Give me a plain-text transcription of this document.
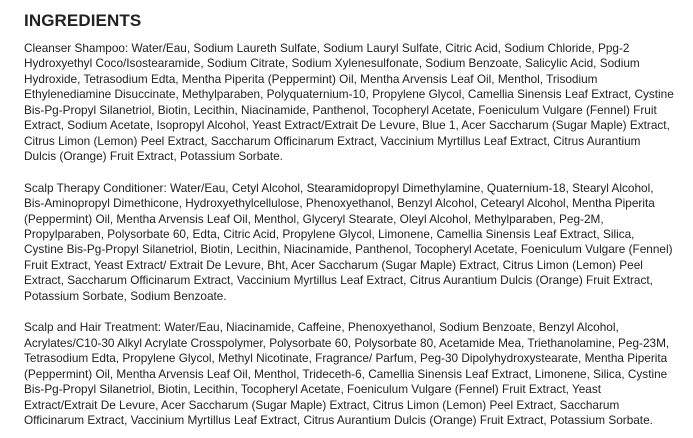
INGREDIENTS

Cleanser Shampoo: Water/Eau, Sodium Laureth Sulfate, Sodium Lauryl Sulfate, Citric Acid, Sodium Chloride, Ppg-2 Hydroxyethyl Coco/Isostearamide, Sodium Citrate, Sodium Xylenesulfonate, Sodium Benzoate, Salicylic Acid, Sodium Hydroxide, Tetrasodium Edta, Mentha Piperita (Peppermint) Oil, Mentha Arvensis Leaf Oil, Menthol, Trisodium Ethylenediamine Disuccinate, Methylparaben, Polyquaternium-10, Propylene Glycol, Camellia Sinensis Leaf Extract, Cystine Bis-Pg-Propyl Silanetriol, Biotin, Lecithin, Niacinamide, Panthenol, Tocopheryl Acetate, Foeniculum Vulgare (Fennel) Fruit Extract, Sodium Acetate, Isopropyl Alcohol, Yeast Extract/Extrait De Levure, Blue 1, Acer Saccharum (Sugar Maple) Extract, Citrus Limon (Lemon) Peel Extract, Saccharum Officinarum Extract, Vaccinium Myrtillus Leaf Extract, Citrus Aurantium Dulcis (Orange) Fruit Extract, Potassium Sorbate.

Scalp Therapy Conditioner: Water/Eau, Cetyl Alcohol, Stearamidopropyl Dimethylamine, Quaternium-18, Stearyl Alcohol, Bis-Aminopropyl Dimethicone, Hydroxyethylcellulose, Phenoxyethanol, Benzyl Alcohol, Cetearyl Alcohol, Mentha Piperita (Peppermint) Oil, Mentha Arvensis Leaf Oil, Menthol, Glyceryl Stearate, Oleyl Alcohol, Methylparaben, Peg-2M, Propylparaben, Polysorbate 60, Edta, Citric Acid, Propylene Glycol, Limonene, Camellia Sinensis Leaf Extract, Silica, Cystine Bis-Pg-Propyl Silanetriol, Biotin, Lecithin, Niacinamide, Panthenol, Tocopheryl Acetate, Foeniculum Vulgare (Fennel) Fruit Extract, Yeast Extract/ Extrait De Levure, Bht, Acer Saccharum (Sugar Maple) Extract, Citrus Limon (Lemon) Peel Extract, Saccharum Officinarum Extract, Vaccinium Myrtillus Leaf Extract, Citrus Aurantium Dulcis (Orange) Fruit Extract, Potassium Sorbate, Sodium Benzoate.

Scalp and Hair Treatment: Water/Eau, Niacinamide, Caffeine, Phenoxyethanol, Sodium Benzoate, Benzyl Alcohol, Acrylates/C10-30 Alkyl Acrylate Crosspolymer, Polysorbate 60, Polysorbate 80, Acetamide Mea, Triethanolamine, Peg-23M, Tetrasodium Edta, Propylene Glycol, Methyl Nicotinate, Fragrance/ Parfum, Peg-30 Dipolyhydroxystearate, Mentha Piperita (Peppermint) Oil, Mentha Arvensis Leaf Oil, Menthol, Trideceth-6, Camellia Sinensis Leaf Extract, Limonene, Silica, Cystine Bis-Pg-Propyl Silanetriol, Biotin, Lecithin, Tocopheryl Acetate, Foeniculum Vulgare (Fennel) Fruit Extract, Yeast Extract/Extrait De Levure, Acer Saccharum (Sugar Maple) Extract, Citrus Limon (Lemon) Peel Extract, Saccharum Officinarum Extract, Vaccinium Myrtillus Leaf Extract, Citrus Aurantium Dulcis (Orange) Fruit Extract, Potassium Sorbate.
